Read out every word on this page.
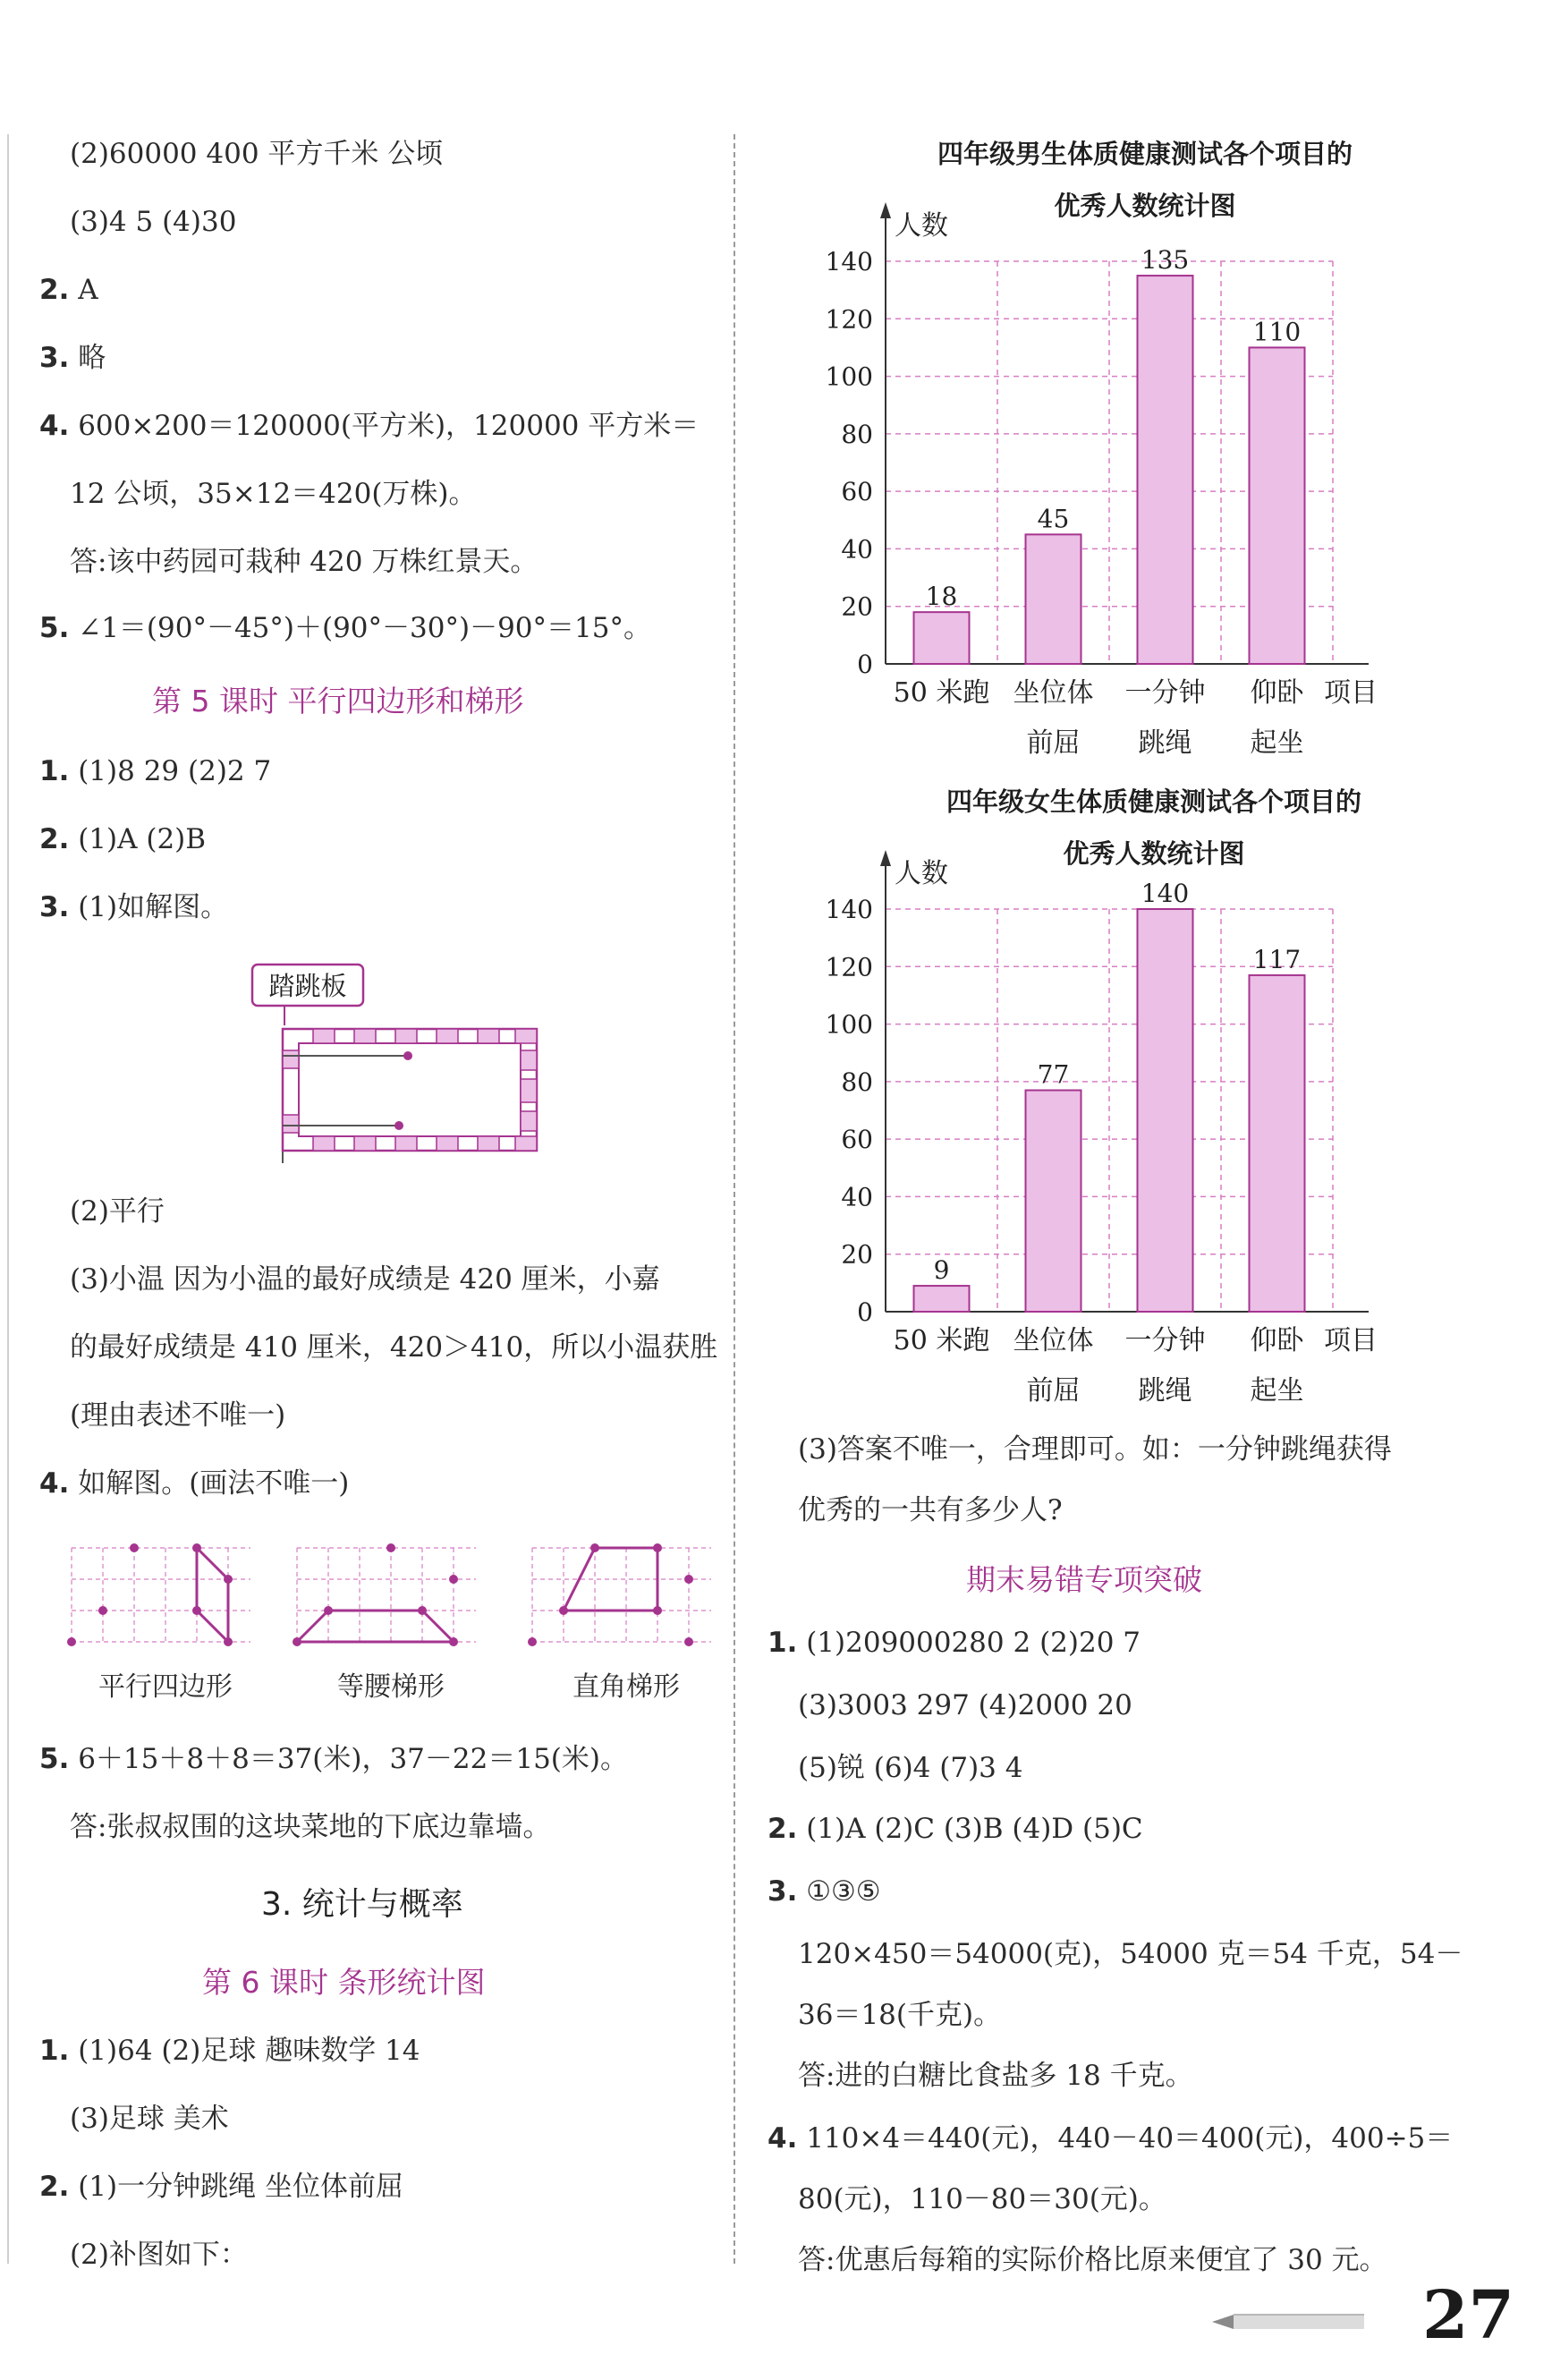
(2)60000 400 平方千米 公顷
(3)4 5 (4)30
2. A
3. 略
4. 600×200＝120000(平方米)，120000 平方米＝
12 公顷，35×12＝420(万株)。
答:该中药园可栽种 420 万株红景天。
5. ∠1＝(90°－45°)＋(90°－30°)－90°＝15°。
第 5 课时 平行四边形和梯形
1. (1)8 29 (2)2 7
2. (1)A (2)B
3. (1)如解图。
踏跳板
(2)平行
(3)小温 因为小温的最好成绩是 420 厘米，小嘉
的最好成绩是 410 厘米，420＞410，所以小温获胜
(理由表述不唯一)
4. 如解图。(画法不唯一)
平行四边形	等腰梯形	直角梯形
5. 6＋15＋8＋8＝37(米)，37－22＝15(米)。
答:张叔叔围的这块菜地的下底边靠墙。
3. 统计与概率
第 6 课时 条形统计图
1. (1)64 (2)足球 趣味数学 14
(3)足球 美术
2. (1)一分钟跳绳 坐位体前屈
(2)补图如下：
四年级男生体质健康测试各个项目的
优秀人数统计图
0
20
40
60
80
100
120
140
人数
项目
18
50 米跑
45
坐位体
前屈
135
一分钟
跳绳
110
仰卧
起坐
四年级女生体质健康测试各个项目的
优秀人数统计图
0
20
40
60
80
100
120
140
人数
项目
9
50 米跑
77
坐位体
前屈
140
一分钟
跳绳
117
仰卧
起坐
(3)答案不唯一，合理即可。如：一分钟跳绳获得
优秀的一共有多少人?
期末易错专项突破
1. (1)209000280 2 (2)20 7
(3)3003 297 (4)2000 20
(5)锐 (6)4 (7)3 4
2. (1)A (2)C (3)B (4)D (5)C
3. ①③⑤
120×450＝54000(克)，54000 克＝54 千克，54－
36＝18(千克)。
答:进的白糖比食盐多 18 千克。
4. 110×4＝440(元)，440－40＝400(元)，400÷5＝
80(元)，110－80＝30(元)。
答:优惠后每箱的实际价格比原来便宜了 30 元。
27
